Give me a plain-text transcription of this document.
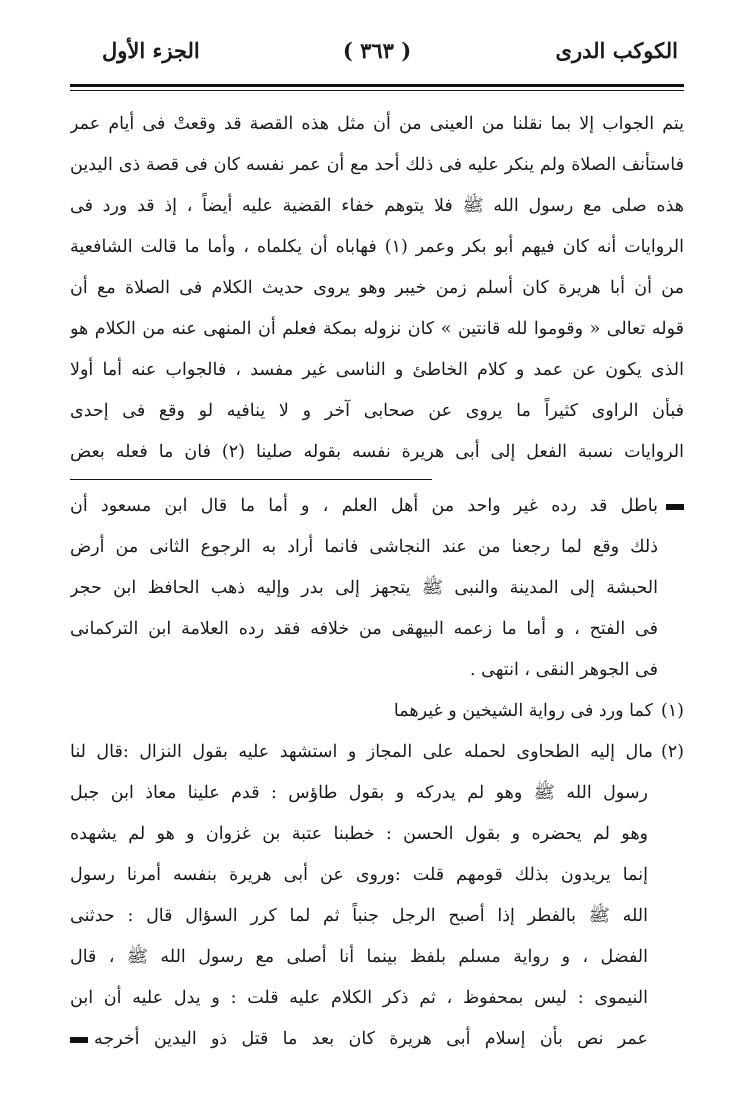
الكوكب الدرى
( ٣٦٣ )
الجزء الأول
يتم الجواب إلا بما نقلنا من العينى من أن مثل هذه القصة قد وقعتْ فى أيام عمر
فاستأنف الصلاة ولم ينكر عليه فى ذلك أحد مع أن عمر نفسه كان فى قصة ذى اليدين
هذه صلى مع رسول الله ﷺ فلا يتوهم خفاء القضية عليه أيضاً ، إذ قد ورد فى
الروايات أنه كان فيهم أبو بكر وعمر (١) فهاباه أن يكلماه ، وأما ما قالت الشافعية
من أن أبا هريرة كان أسلم زمن خيبر وهو يروى حديث الكلام فى الصلاة مع أن
قوله تعالى « وقوموا لله قانتين » كان نزوله بمكة فعلم أن المنهى عنه من الكلام هو
الذى يكون عن عمد و كلام الخاطئ و الناسى غير مفسد ، فالجواب عنه أما أولا
فبأن الراوى كثيراً ما يروى عن صحابى آخر و لا ينافيه لو وقع فى إحدى
الروايات نسبة الفعل إلى أبى هريرة نفسه بقوله صلينا (٢) فان ما فعله بعض
باطل قد رده غير واحد من أهل العلم ، و أما ما قال ابن مسعود أن
ذلك وقع لما رجعنا من عند النجاشى فانما أراد به الرجوع الثانى من أرض
الحبشة إلى المدينة والنبى ﷺ يتجهز إلى بدر وإليه ذهب الحافظ ابن حجر
فى الفتح ، و أما ما زعمه البيهقى من خلافه فقد رده العلامة ابن التركمانى
فى الجوهر النقى ، انتهى .
(١)كما ورد فى رواية الشيخين و غيرهما
(٢)مال إليه الطحاوى لحمله على المجاز و استشهد عليه بقول النزال :قال لنا
رسول الله ﷺ وهو لم يدركه و بقول طاؤس : قدم علينا معاذ ابن جبل
وهو لم يحضره و بقول الحسن : خطبنا عتبة بن غزوان و هو لم يشهده
إنما يريدون بذلك قومهم قلت :وروى عن أبى هريرة بنفسه أمرنا رسول
الله ﷺ بالفطر إذا أصبح الرجل جنباً ثم لما كرر السؤال قال : حدثنى
الفضل ، و رواية مسلم بلفظ بينما أنا أصلى مع رسول الله ﷺ ، قال
النيموى : ليس بمحفوظ ، ثم ذكر الكلام عليه قلت : و يدل عليه أن ابن
عمر نص بأن إسلام أبى هريرة كان بعد ما قتل ذو اليدين أخرجه
